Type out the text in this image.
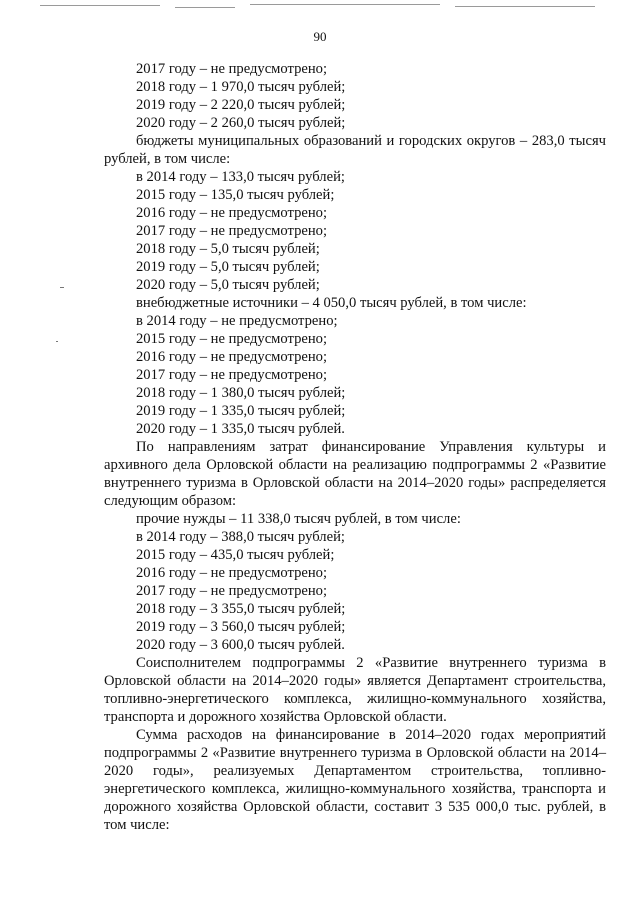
90
2017 году – не предусмотрено;
2018 году – 1 970,0 тысяч рублей;
2019 году – 2 220,0 тысяч рублей;
2020 году – 2 260,0 тысяч рублей;
бюджеты муниципальных образований и городских округов – 283,0 тысяч рублей, в том числе:
в 2014 году – 133,0 тысяч рублей;
2015 году – 135,0 тысяч рублей;
2016 году – не предусмотрено;
2017 году – не предусмотрено;
2018 году – 5,0 тысяч рублей;
2019 году – 5,0 тысяч рублей;
2020 году – 5,0 тысяч рублей;
внебюджетные источники – 4 050,0 тысяч рублей, в том числе:
в 2014 году – не предусмотрено;
2015 году – не предусмотрено;
2016 году – не предусмотрено;
2017 году – не предусмотрено;
2018 году – 1 380,0 тысяч рублей;
2019 году – 1 335,0 тысяч рублей;
2020 году – 1 335,0 тысяч рублей.
По направлениям затрат финансирование Управления культуры и архивного дела Орловской области на реализацию подпрограммы 2 «Развитие внутреннего туризма в Орловской области на 2014–2020 годы» распределяется следующим образом:
прочие нужды – 11 338,0 тысяч рублей, в том числе:
в 2014 году – 388,0 тысяч рублей;
2015 году – 435,0 тысяч рублей;
2016 году – не предусмотрено;
2017 году – не предусмотрено;
2018 году – 3 355,0 тысяч рублей;
2019 году – 3 560,0 тысяч рублей;
2020 году – 3 600,0 тысяч рублей.
Соисполнителем подпрограммы 2 «Развитие внутреннего туризма в Орловской области на 2014–2020 годы» является Департамент строительства, топливно-энергетического комплекса, жилищно-коммунального хозяйства, транспорта и дорожного хозяйства Орловской области.
Сумма расходов на финансирование в 2014–2020 годах мероприятий подпрограммы 2 «Развитие внутреннего туризма в Орловской области на 2014–2020 годы», реализуемых Департаментом строительства, топливно-энергетического комплекса, жилищно-коммунального хозяйства, транспорта и дорожного хозяйства Орловской области, составит 3 535 000,0 тыс. рублей, в том числе:
